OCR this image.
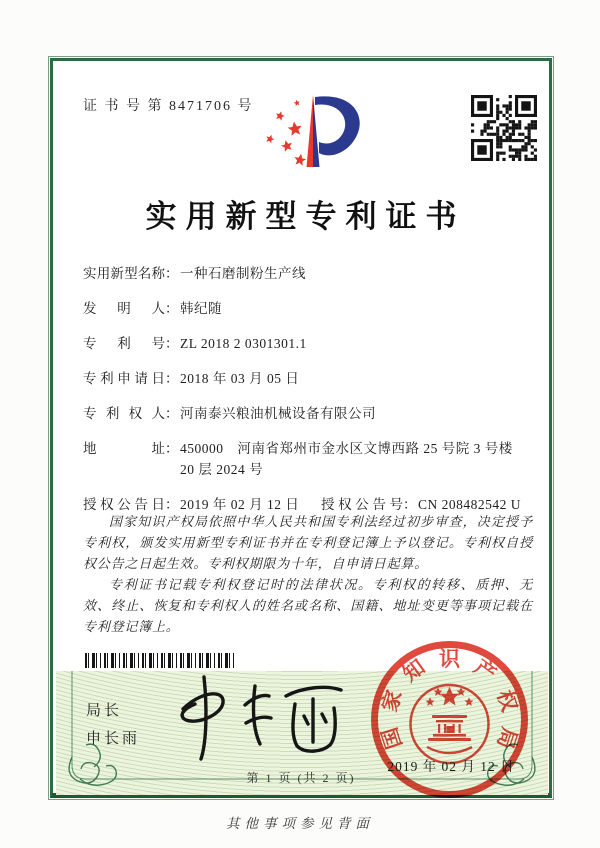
证 书 号 第 8471706 号
实用新型专利证书
实 用 新 型 名 称 ： 一种石磨制粉生产线
发 明 人 ： 韩纪随
专 利 号 ： ZL 2018 2 0301301.1
专 利 申 请 日 ： 2018 年 03 月 05 日
专 利 权 人 ： 河南泰兴粮油机械设备有限公司
地	址 ： 450000　河南省郑州市金水区文博西路 25 号院 3 号楼 20 层 2024 号
授 权 公 告 日 ： 2019 年 02 月 12 日	授 权 公 告 号 ： CN 208482542 U

国家知识产权局依照中华人民共和国专利法经过初步审查，决定授予专利权，颁发实用新型专利证书并在专利登记簿上予以登记。专利权自授权公告之日起生效。专利权期限为十年，自申请日起算。

专利证书记载专利权登记时的法律状况。专利权的转移、质押、无效、终止、恢复和专利权人的姓名或名称、国籍、地址变更等事项记载在专利登记簿上。

局长
申长雨	国
家
知 识 产
权
局
2019 年 02 月 12 日
第 1 页 (共 2 页)
其他事项参见背面
